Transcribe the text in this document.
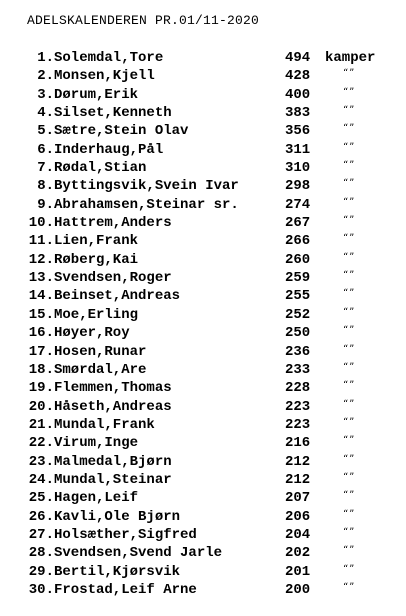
ADELSKALENDEREN PR.01/11-2020
1. Solemdal,Tore	494 kamper
2. Monsen,Kjell	428	“”
3. Dørum,Erik	400	“”
4. Silset,Kenneth	383	“”
5. Sætre,Stein Olav	356	“”
6. Inderhaug,Pål	311	“”
7. Rødal,Stian	310	“”
8. Byttingsvik,Svein Ivar	298	“”
9. Abrahamsen,Steinar sr.	274	“”
10. Hattrem,Anders	267	“”
11. Lien,Frank	266	“”
12. Røberg,Kai	260	“”
13. Svendsen,Roger	259	“”
14. Beinset,Andreas	255	“”
15. Moe,Erling	252	“”
16. Høyer,Roy	250	“”
17. Hosen,Runar	236	“”
18. Smørdal,Are	233	“”
19. Flemmen,Thomas	228	“”
20. Håseth,Andreas	223	“”
21. Mundal,Frank	223	“”
22. Virum,Inge	216	“”
23. Malmedal,Bjørn	212	“”
24. Mundal,Steinar	212	“”
25. Hagen,Leif	207	“”
26. Kavli,Ole Bjørn	206	“”
27. Holsæther,Sigfred	204	“”
28. Svendsen,Svend Jarle	202	“”
29. Bertil,Kjørsvik	201	“”
30. Frostad,Leif Arne	200	“”
